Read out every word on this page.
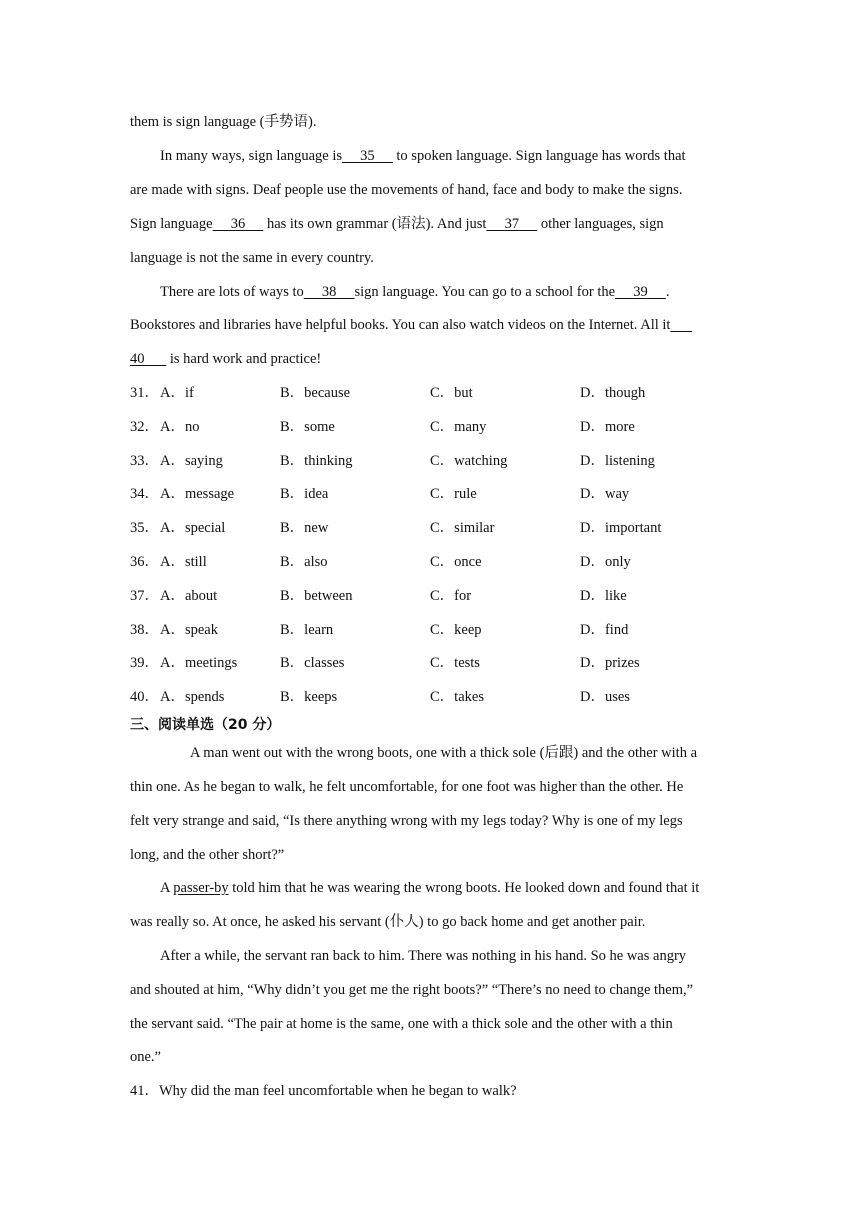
them is sign language (手势语).
In many ways, sign language is 35      to spoken language. Sign language has words that
are made with signs. Deaf people use the movements of hand, face and body to make the signs.
Sign language 36      has its own grammar (语法). And just 37      other languages, sign
language is not the same in every country.
There are lots of ways to 38 sign language. You can go to a school for the 39 .
Bookstores and libraries have helpful books. You can also watch videos on the Internet. All it
40       is hard work and practice!
31． A．if	B．because	C．but	D．though
32． A．no	B．some	C．many	D．more
33． A．saying	B．thinking	C．watching	D．listening
34． A．message	B．idea	C．rule	D．way
35． A．special	B．new	C．similar	D．important
36． A．still	B．also	C．once	D．only
37． A．about	B．between	C．for	D．like
38． A．speak	B．learn	C．keep	D．find
39． A．meetings	B．classes	C．tests	D．prizes
40． A．spends	B．keeps	C．takes	D．uses
三、阅读单选（20 分）
A man went out with the wrong boots, one with a thick sole (后跟) and the other with a
thin one. As he began to walk, he felt uncomfortable, for one foot was higher than the other. He
felt very strange and said, “Is there anything wrong with my legs today? Why is one of my legs
long, and the other short?”
A passer-by told him that he was wearing the wrong boots. He looked down and found that it
was really so. At once, he asked his servant (仆人) to go back home and get another pair.
After a while, the servant ran back to him. There was nothing in his hand. So he was angry
and shouted at him, “Why didn’t you get me the right boots?” “There’s no need to change them,”
the servant said. “The pair at home is the same, one with a thick sole and the other with a thin
one.”
41．Why did the man feel uncomfortable when he began to walk?
